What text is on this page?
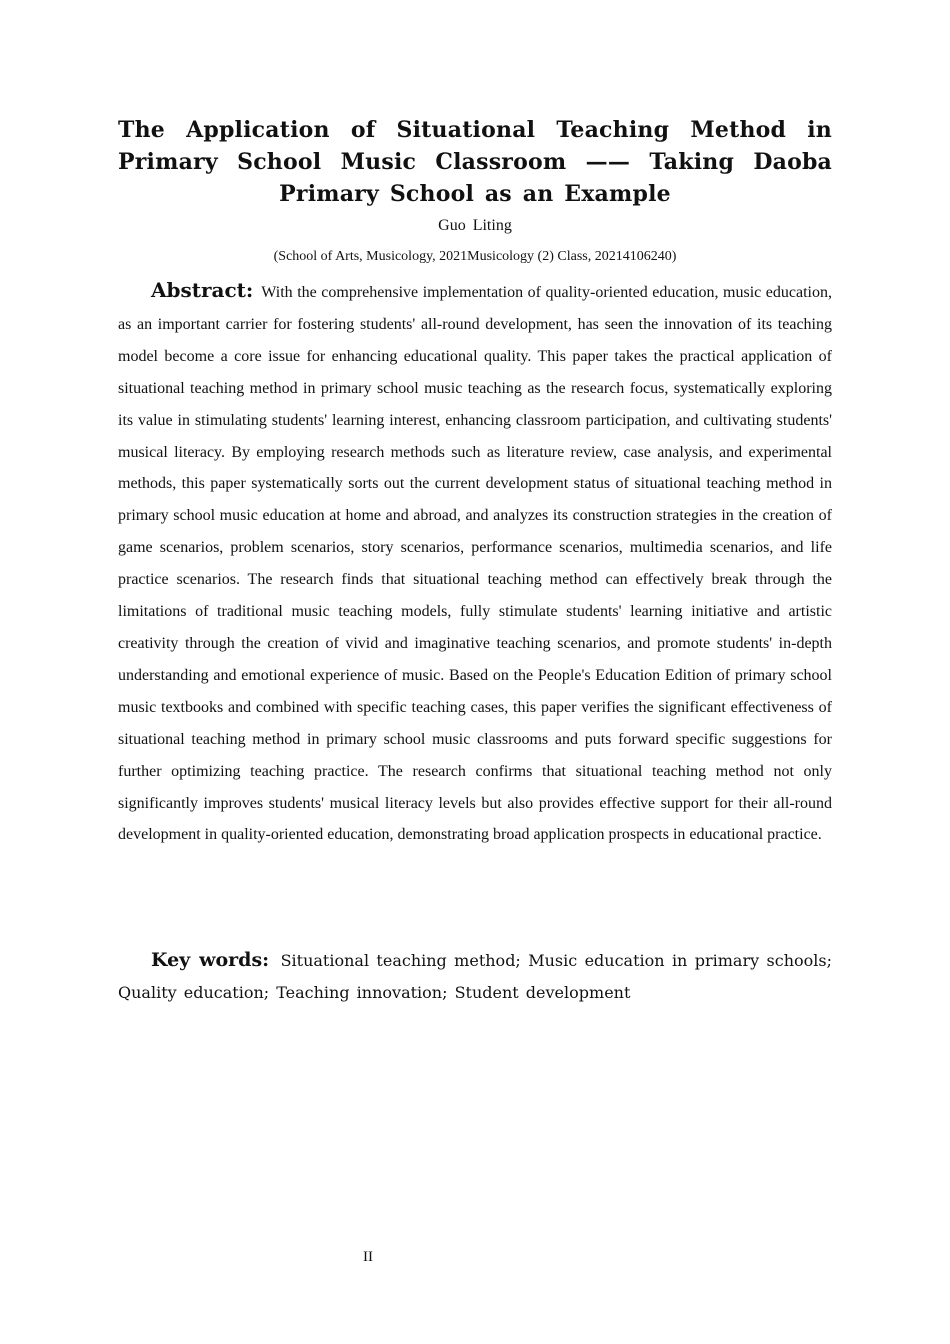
The Application of Situational Teaching Method in Primary School Music Classroom —— Taking Daoba Primary School as an Example
Guo Liting
(School of Arts, Musicology, 2021Musicology (2) Class, 20214106240)

Abstract: With the comprehensive implementation of quality-oriented education, music education, as an important carrier for fostering students' all-round development, has seen the innovation of its teaching model become a core issue for enhancing educational quality. This paper takes the practical application of situational teaching method in primary school music teaching as the research focus, systematically exploring its value in stimulating students' learning interest, enhancing classroom participation, and cultivating students' musical literacy. By employing research methods such as literature review, case analysis, and experimental methods, this paper systematically sorts out the current development status of situational teaching method in primary school music education at home and abroad, and analyzes its construction strategies in the creation of game scenarios, problem scenarios, story scenarios, performance scenarios, multimedia scenarios, and life practice scenarios. The research finds that situational teaching method can effectively break through the limitations of traditional music teaching models, fully stimulate students' learning initiative and artistic creativity through the creation of vivid and imaginative teaching scenarios, and promote students' in-depth understanding and emotional experience of music. Based on the People's Education Edition of primary school music textbooks and combined with specific teaching cases, this paper verifies the significant effectiveness of situational teaching method in primary school music classrooms and puts forward specific suggestions for further optimizing teaching practice. The research confirms that situational teaching method not only significantly improves students' musical literacy levels but also provides effective support for their all-round development in quality-oriented education, demonstrating broad application prospects in educational practice.

Key words: Situational teaching method; Music education in primary schools; Quality education; Teaching innovation; Student development

II
